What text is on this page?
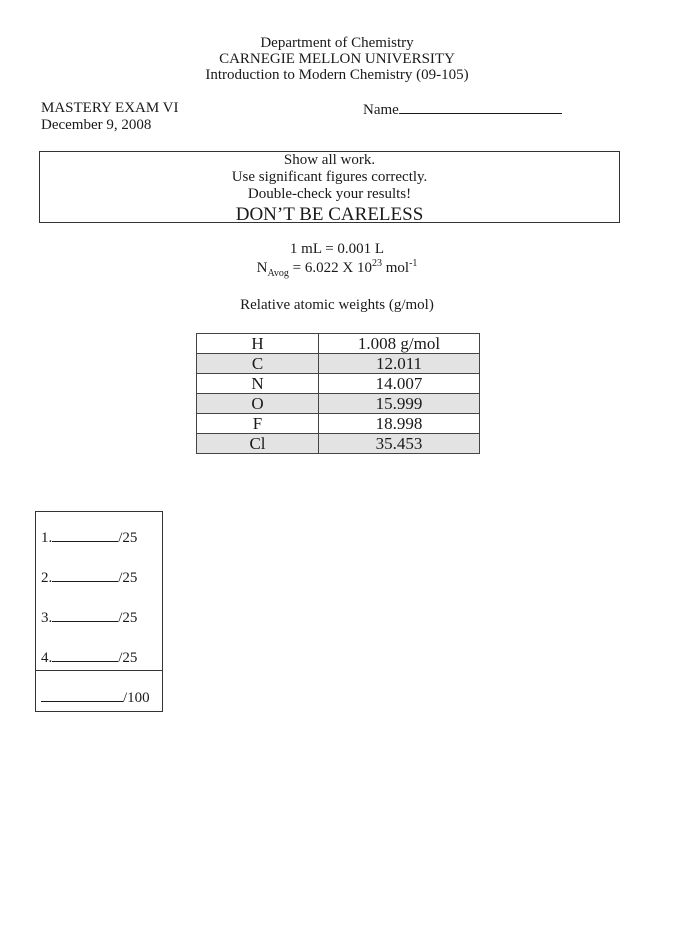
Department of Chemistry
CARNEGIE MELLON UNIVERSITY
Introduction to Modern Chemistry (09-105)
MASTERY EXAM VI
December 9, 2008
Name
Show all work.
Use significant figures correctly.
Double-check your results!
DON’T BE CARELESS
1 mL = 0.001 L
$N_{Avog} = 6.022$ X $10^{23}$ mol$^{-1}$
Relative atomic weights (g/mol)
H	1.008 g/mol
C	12.011
N	14.007
O	15.999
F	18.998
Cl	35.453
1.	/25
2.	/25
3.	/25
4.	/25
/100
